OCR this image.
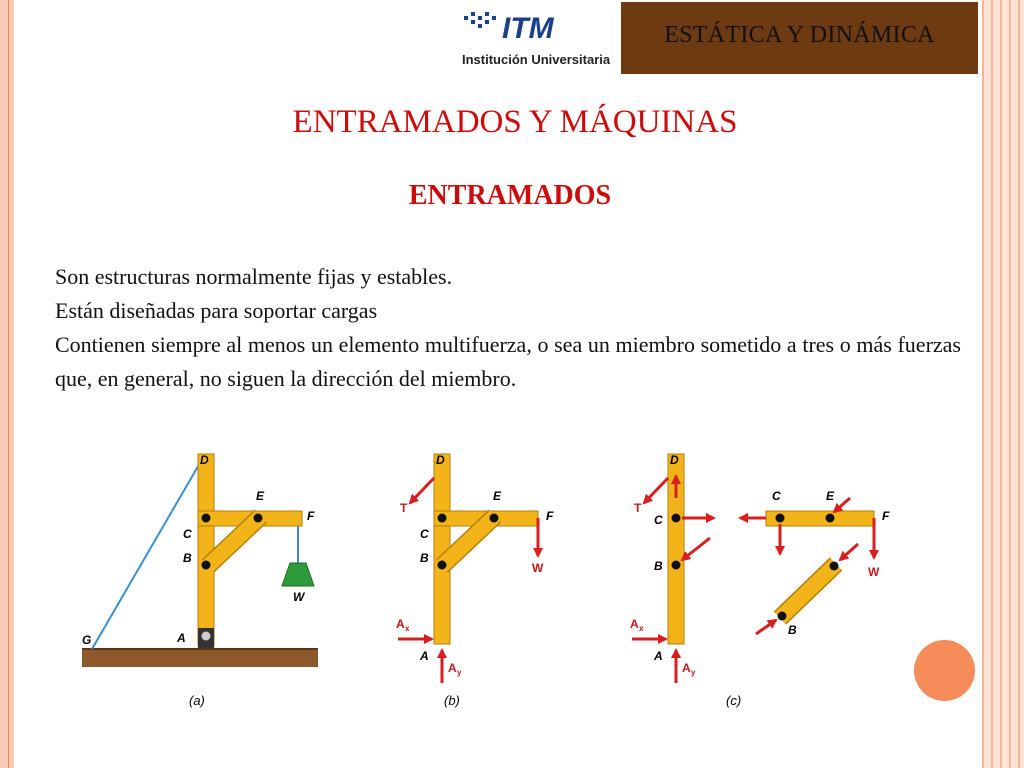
ITM
Institución Universitaria
ESTÁTICA Y DINÁMICA
ENTRAMADOS Y MÁQUINAS
ENTRAMADOS
Son estructuras normalmente fijas y estables.
Están diseñadas para soportar cargas
Contienen siempre al menos un elemento multifuerza, o sea un miembro sometido a tres o más fuerzas que, en general, no siguen la dirección del miembro.
D
E
F
C
B
A
G
W
(a)
D
E
F
C
B
A
T
W
A x
A y
(b)
D
C
B
A
T
A x
A y
C	E
F
W
B
(c)
